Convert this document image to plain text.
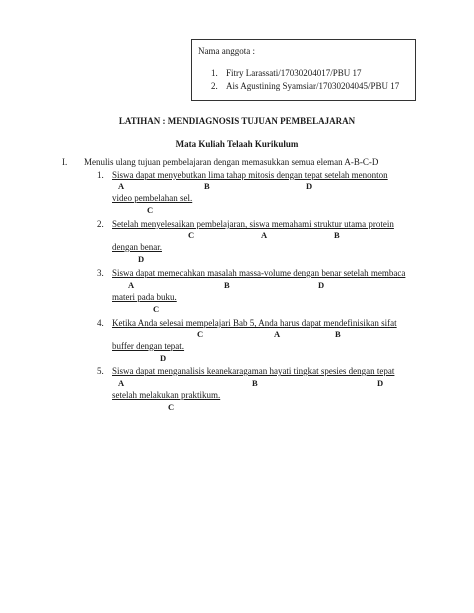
Nama anggota :
1. Fitry Larassati/17030204017/PBU 17
2. Ais Agustining Syamsiar/17030204045/PBU 17
LATIHAN : MENDIAGNOSIS TUJUAN PEMBELAJARAN
Mata Kuliah Telaah Kurikulum
I. Menulis ulang tujuan pembelajaran dengan memasukkan semua eleman A-B-C-D
1. Siswa dapat menyebutkan lima tahap mitosis dengan tepat setelah menonton
A	B	D
video pembelahan sel.
C
2. Setelah menyelesaikan pembelajaran, siswa memahami struktur utama protein
C	A	B
dengan benar.
D
3. Siswa dapat memecahkan masalah massa-volume dengan benar setelah membaca
A	B	D
materi pada buku.
C
4. Ketika Anda selesai mempelajari Bab 5, Anda harus dapat mendefinisikan sifat
C	A	B
buffer dengan tepat.
D
5. Siswa dapat menganalisis keanekaragaman hayati tingkat spesies dengan tepat
A	B	D
setelah melakukan praktikum.
C
